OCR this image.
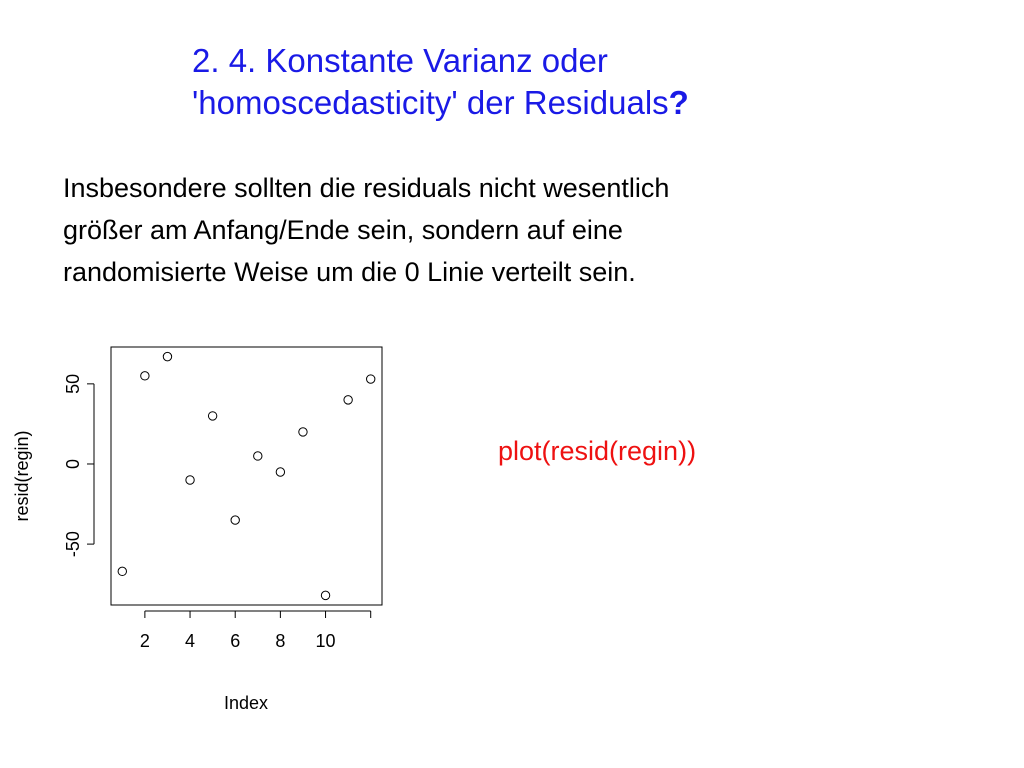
2. 4. Konstante Varianz oder
'homoscedasticity' der Residuals?
Insbesondere sollten die residuals nicht wesentlich
größer am Anfang/Ende sein, sondern auf eine
randomisierte Weise um die 0 Linie verteilt sein.
plot(resid(regin))
2 4 6 8 10
-50
0
50
Index
resid(regin)
